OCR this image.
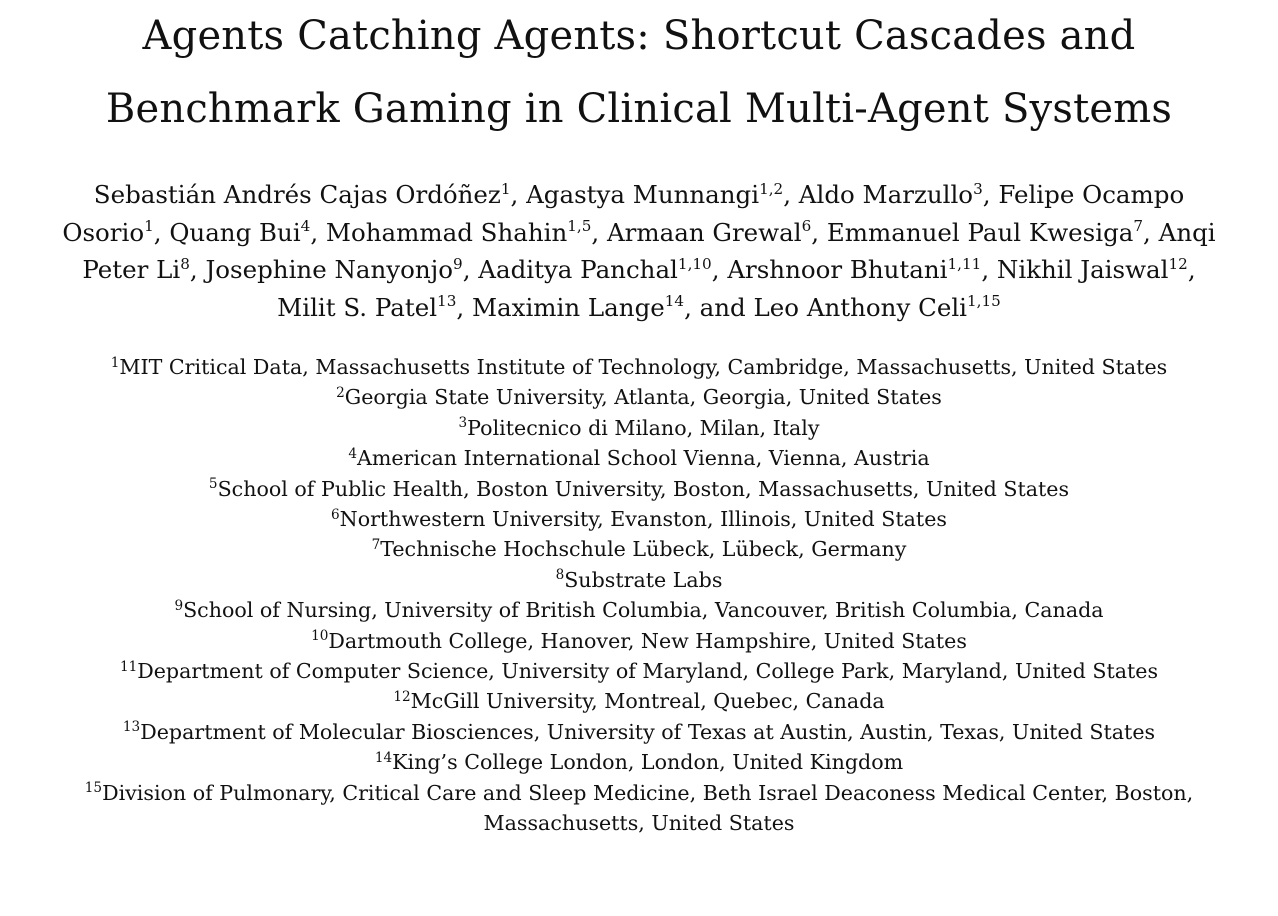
Agents Catching Agents: Shortcut Cascades and
Benchmark Gaming in Clinical Multi-Agent Systems
Sebastián Andrés Cajas Ordóñez$^1$, Agastya Munnangi$^{1,2}$, Aldo Marzullo$^3$, Felipe Ocampo
Osorio$^1$, Quang Bui$^4$, Mohammad Shahin$^{1,5}$, Armaan Grewal$^6$, Emmanuel Paul Kwesiga$^7$, Anqi
Peter Li$^8$, Josephine Nanyonjo$^9$, Aaditya Panchal$^{1,10}$, Arshnoor Bhutani$^{1,11}$, Nikhil Jaiswal$^{12}$,
Milit S. Patel$^{13}$, Maximin Lange$^{14}$, and Leo Anthony Celi$^{1,15}$
$^1$MIT Critical Data, Massachusetts Institute of Technology, Cambridge, Massachusetts, United States
$^2$Georgia State University, Atlanta, Georgia, United States
$^3$Politecnico di Milano, Milan, Italy
$^4$American International School Vienna, Vienna, Austria
$^5$School of Public Health, Boston University, Boston, Massachusetts, United States
$^6$Northwestern University, Evanston, Illinois, United States
$^7$Technische Hochschule Lübeck, Lübeck, Germany
$^8$Substrate Labs
$^9$School of Nursing, University of British Columbia, Vancouver, British Columbia, Canada
$^{10}$Dartmouth College, Hanover, New Hampshire, United States
$^{11}$Department of Computer Science, University of Maryland, College Park, Maryland, United States
$^{12}$McGill University, Montreal, Quebec, Canada
$^{13}$Department of Molecular Biosciences, University of Texas at Austin, Austin, Texas, United States
$^{14}$King’s College London, London, United Kingdom
$^{15}$Division of Pulmonary, Critical Care and Sleep Medicine, Beth Israel Deaconess Medical Center, Boston,
Massachusetts, United States
